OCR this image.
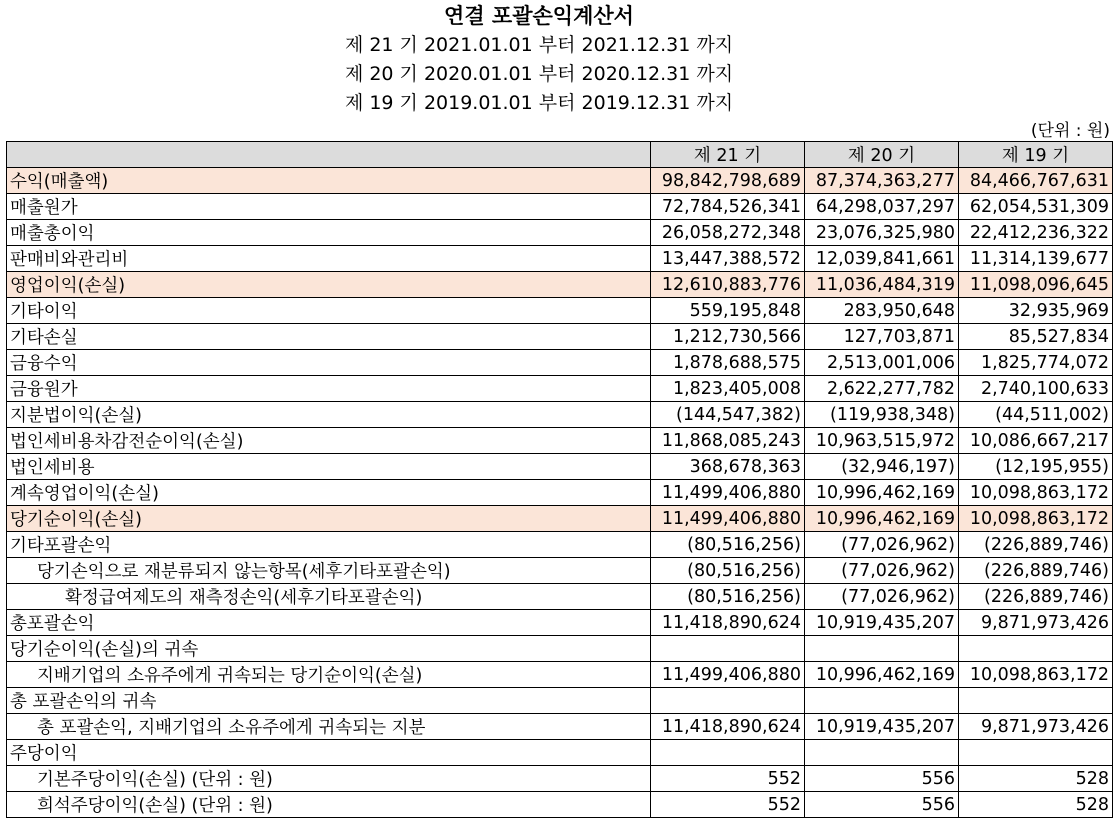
연결 포괄손익계산서
제 21 기 2021.01.01 부터 2021.12.31 까지
제 20 기 2020.01.01 부터 2020.12.31 까지
제 19 기 2019.01.01 부터 2019.12.31 까지
(단위 : 원)
	제 21 기	제 20 기	제 19 기
수익(매출액)	98,842,798,689	87,374,363,277	84,466,767,631
매출원가	72,784,526,341	64,298,037,297	62,054,531,309
매출총이익	26,058,272,348	23,076,325,980	22,412,236,322
판매비와관리비	13,447,388,572	12,039,841,661	11,314,139,677
영업이익(손실)	12,610,883,776	11,036,484,319	11,098,096,645
기타이익	559,195,848	283,950,648	32,935,969
기타손실	1,212,730,566	127,703,871	85,527,834
금융수익	1,878,688,575	2,513,001,006	1,825,774,072
금융원가	1,823,405,008	2,622,277,782	2,740,100,633
지분법이익(손실)	(144,547,382)	(119,938,348)	(44,511,002)
법인세비용차감전순이익(손실)	11,868,085,243	10,963,515,972	10,086,667,217
법인세비용	368,678,363	(32,946,197)	(12,195,955)
계속영업이익(손실)	11,499,406,880	10,996,462,169	10,098,863,172
당기순이익(손실)	11,499,406,880	10,996,462,169	10,098,863,172
기타포괄손익	(80,516,256)	(77,026,962)	(226,889,746)
당기손익으로 재분류되지 않는항목(세후기타포괄손익)	(80,516,256)	(77,026,962)	(226,889,746)
확정급여제도의 재측정손익(세후기타포괄손익)	(80,516,256)	(77,026,962)	(226,889,746)
총포괄손익	11,418,890,624	10,919,435,207	9,871,973,426
당기순이익(손실)의 귀속			
지배기업의 소유주에게 귀속되는 당기순이익(손실)	11,499,406,880	10,996,462,169	10,098,863,172
총 포괄손익의 귀속			
총 포괄손익, 지배기업의 소유주에게 귀속되는 지분	11,418,890,624	10,919,435,207	9,871,973,426
주당이익			
기본주당이익(손실) (단위 : 원)	552	556	528
희석주당이익(손실) (단위 : 원)	552	556	528
